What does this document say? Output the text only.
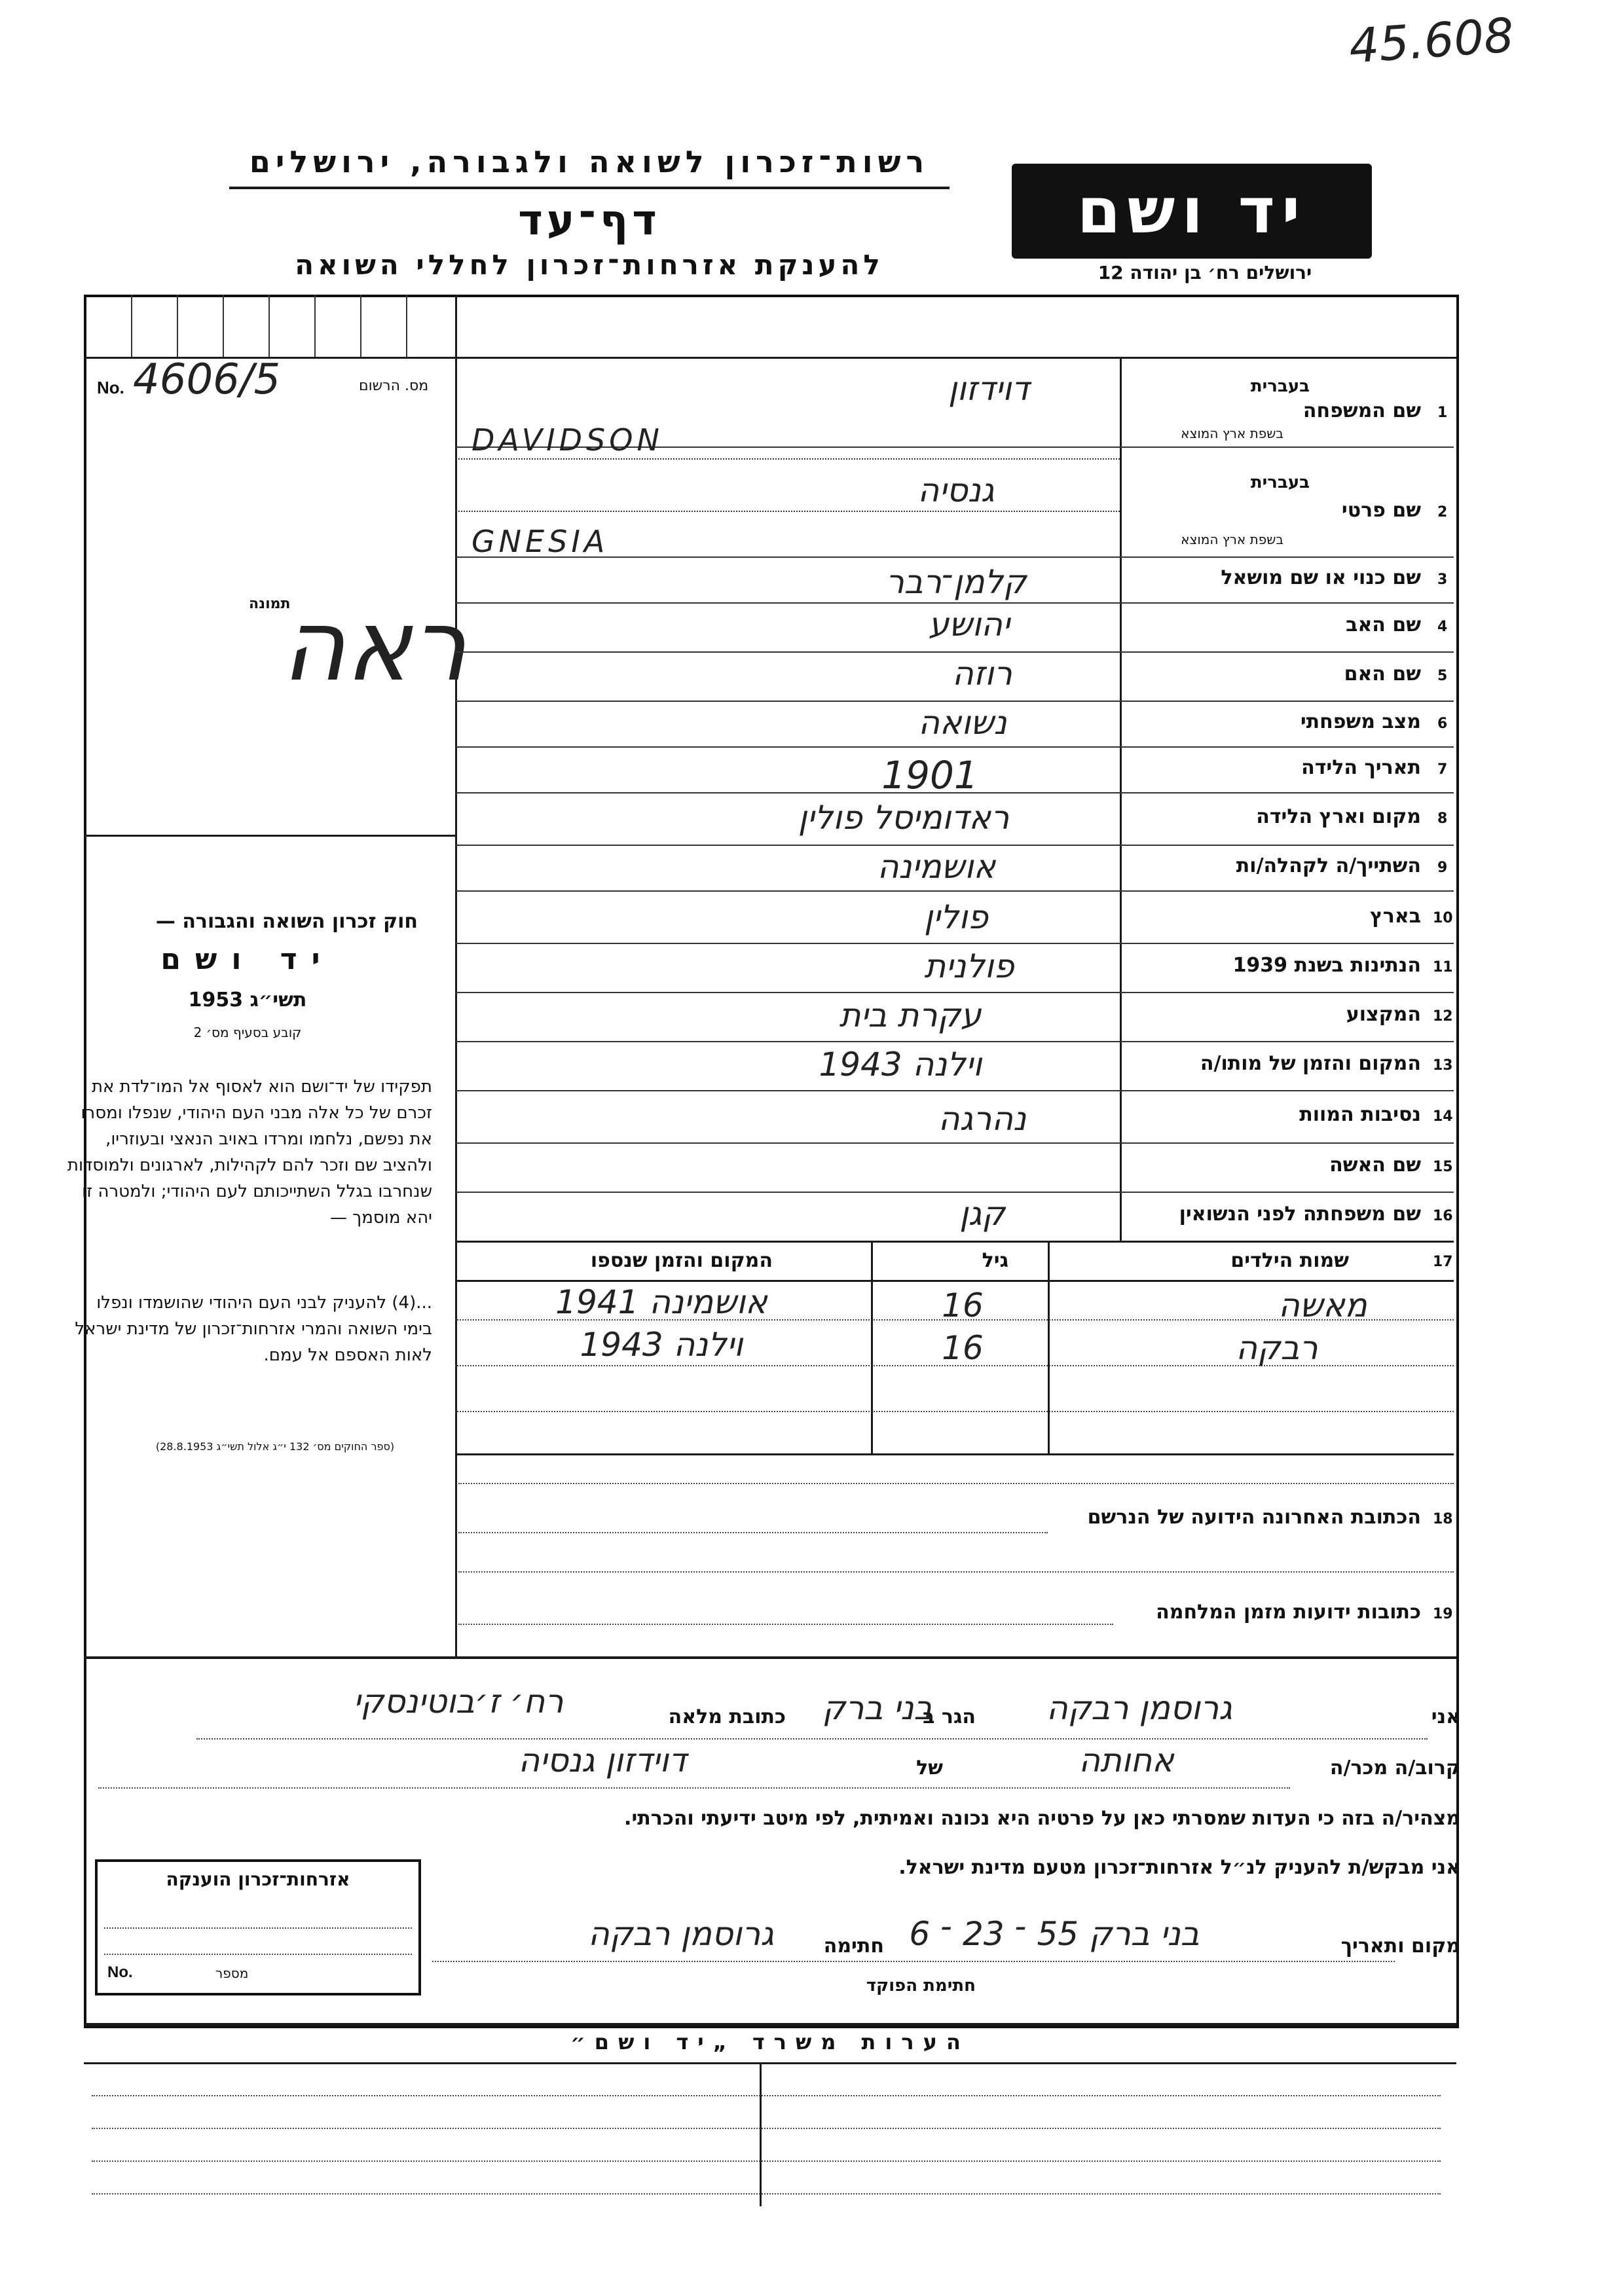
45.608
רשות־זכרון לשואה ולגבורה, ירושלים
דף־עד
להענקת אזרחות־זכרון לחללי השואה
יד ושם
ירושלים רח׳ בן יהודה 12
No. 4606/5	מס. הרשום
תמונה
ראה
חוק זכרון השואה והגבורה —
יד ושם
תשי״ג 1953
קובע בסעיף מס׳ 2
תפקידו של יד־ושם הוא לאסוף אל המו־לדת את זכרם של כל אלה מבני העם היהודי, שנפלו ומסרו את נפשם, נלחמו ומרדו באויב הנאצי ובעוזריו, ולהציב שם וזכר להם לקהילות, לארגונים ולמוסדות שנחרבו בגלל השתייכותם לעם היהודי; ולמטרה זו יהא מוסמך —
...(4) להעניק לבני העם היהודי שהושמדו ונפלו בימי השואה והמרי אזרחות־זכרון של מדינת ישראל לאות האספם אל עמם.
(ספר החוקים מס׳ 132 י״ג אלול תשי״ג 28.8.1953)
1
שם המשפחה
בעברית
בשפת ארץ המוצא
דוידזון
DAVIDSON
2
שם פרטי
בעברית
בשפת ארץ המוצא
גנסיה
GNESIA
3
שם כנוי או שם מושאל
קלמן־רבר
4
שם האב
יהושע
5
שם האם
רוזה
6
מצב משפחתי
נשואה
7
תאריך הלידה
1901
8
מקום וארץ הלידה
ראדומיסל פולין
9
השתייך/ה לקהלה/ות
אושמינה
10
בארץ
פולין
11
הנתינות בשנת 1939
פולנית
12
המקצוע
עקרת בית
13
המקום והזמן של מותו/ה
וילנה 1943
14
נסיבות המוות
נהרגה
15
שם האשה
16
שם משפחתה לפני הנשואין
קגן
17
שמות הילדים
גיל
המקום והזמן שנספו
מאשה
16
אושמינה 1941
רבקה
16
וילנה 1943
18
הכתובת האחרונה הידועה של הנרשם
19
כתובות ידועות מזמן המלחמה
אני
גרוסמן רבקה
הגר ב
בני ברק
כתובת מלאה
רח׳ ז׳בוטינסקי
קרוב/ה מכר/ה
אחותה
של
דוידזון גנסיה
מצהיר/ה בזה כי העדות שמסרתי כאן על פרטיה היא נכונה ואמיתית, לפי מיטב ידיעתי והכרתי.
אני מבקש/ת להעניק לנ״ל אזרחות־זכרון מטעם מדינת ישראל.
מקום ותאריך
בני ברק 55 ־ 23 ־ 6
חתימה
גרוסמן רבקה
חתימת הפוקד
אזרחות־זכרון הוענקה
No.	מספר
הערות משרד „יד ושם״
